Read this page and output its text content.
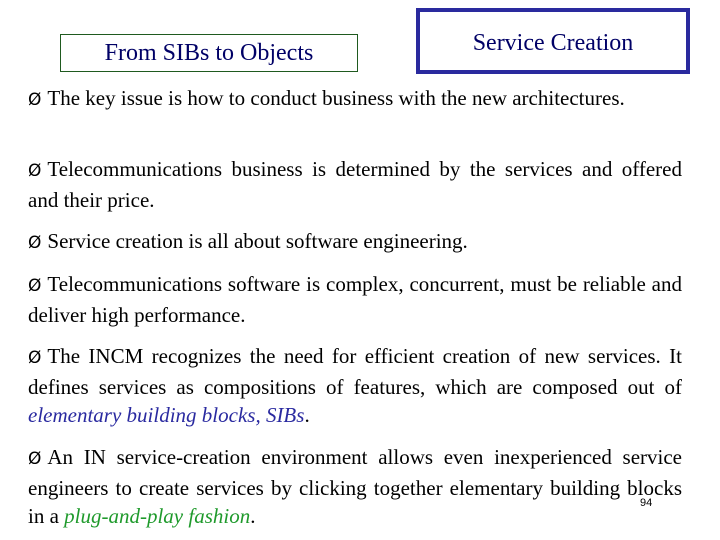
From SIBs to Objects	Service Creation

Ø The key issue is how to conduct business with the new architectures.

Ø Telecommunications business is determined by the services and offered and their price.

Ø Service creation is all about software engineering.

Ø Telecommunications software is complex, concurrent, must be reliable and deliver high performance.

Ø The INCM recognizes the need for efficient creation of new services. It defines services as compositions of features, which are composed out of elementary building blocks, SIBs.

Ø An IN service-creation environment allows even inexperienced service engineers to create services by clicking together elementary building blocks in a plug-and-play fashion.

94
